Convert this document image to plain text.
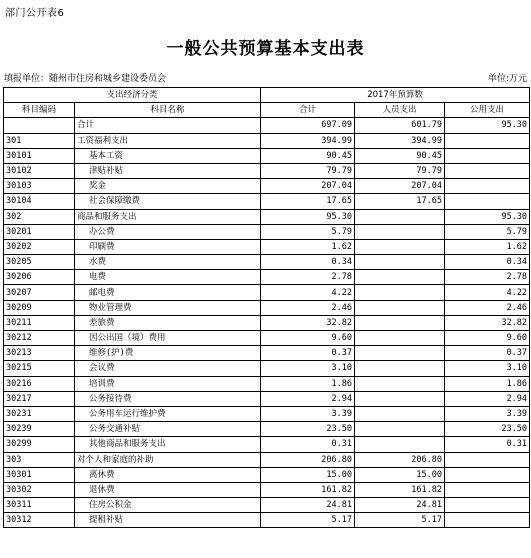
部门公开表6
一般公共预算基本支出表
填报单位：随州市住房和城乡建设委员会	单位:万元
支出经济分类		2017年预算数		
科目编码	科目名称	合计	人员支出	公用支出
	合计	697.09	601.79	95.30
301	工资福利支出	394.99	394.99	
30101	基本工资	90.45	90.45	
30102	津贴补贴	79.79	79.79	
30103	奖金	207.04	207.04	
30104	社会保障缴费	17.65	17.65	
302	商品和服务支出	95.30		95.30
30201	办公费	5.79		5.79
30202	印刷费	1.62		1.62
30205	水费	0.34		0.34
30206	电费	2.78		2.78
30207	邮电费	4.22		4.22
30209	物业管理费	2.46		2.46
30211	差旅费	32.82		32.82
30212	因公出国（境）费用	9.60		9.60
30213	维修(护)费	0.37		0.37
30215	会议费	3.10		3.10
30216	培训费	1.86		1.86
30217	公务接待费	2.94		2.94
30231	公务用车运行维护费	3.39		3.39
30239	公务交通补贴	23.50		23.50
30299	其他商品和服务支出	0.31		0.31
303	对个人和家庭的补助	206.80	206.80	
30301	离休费	15.00	15.00	
30302	退休费	161.82	161.82	
30311	住房公积金	24.81	24.81	
30312	提租补贴	5.17	5.17	
